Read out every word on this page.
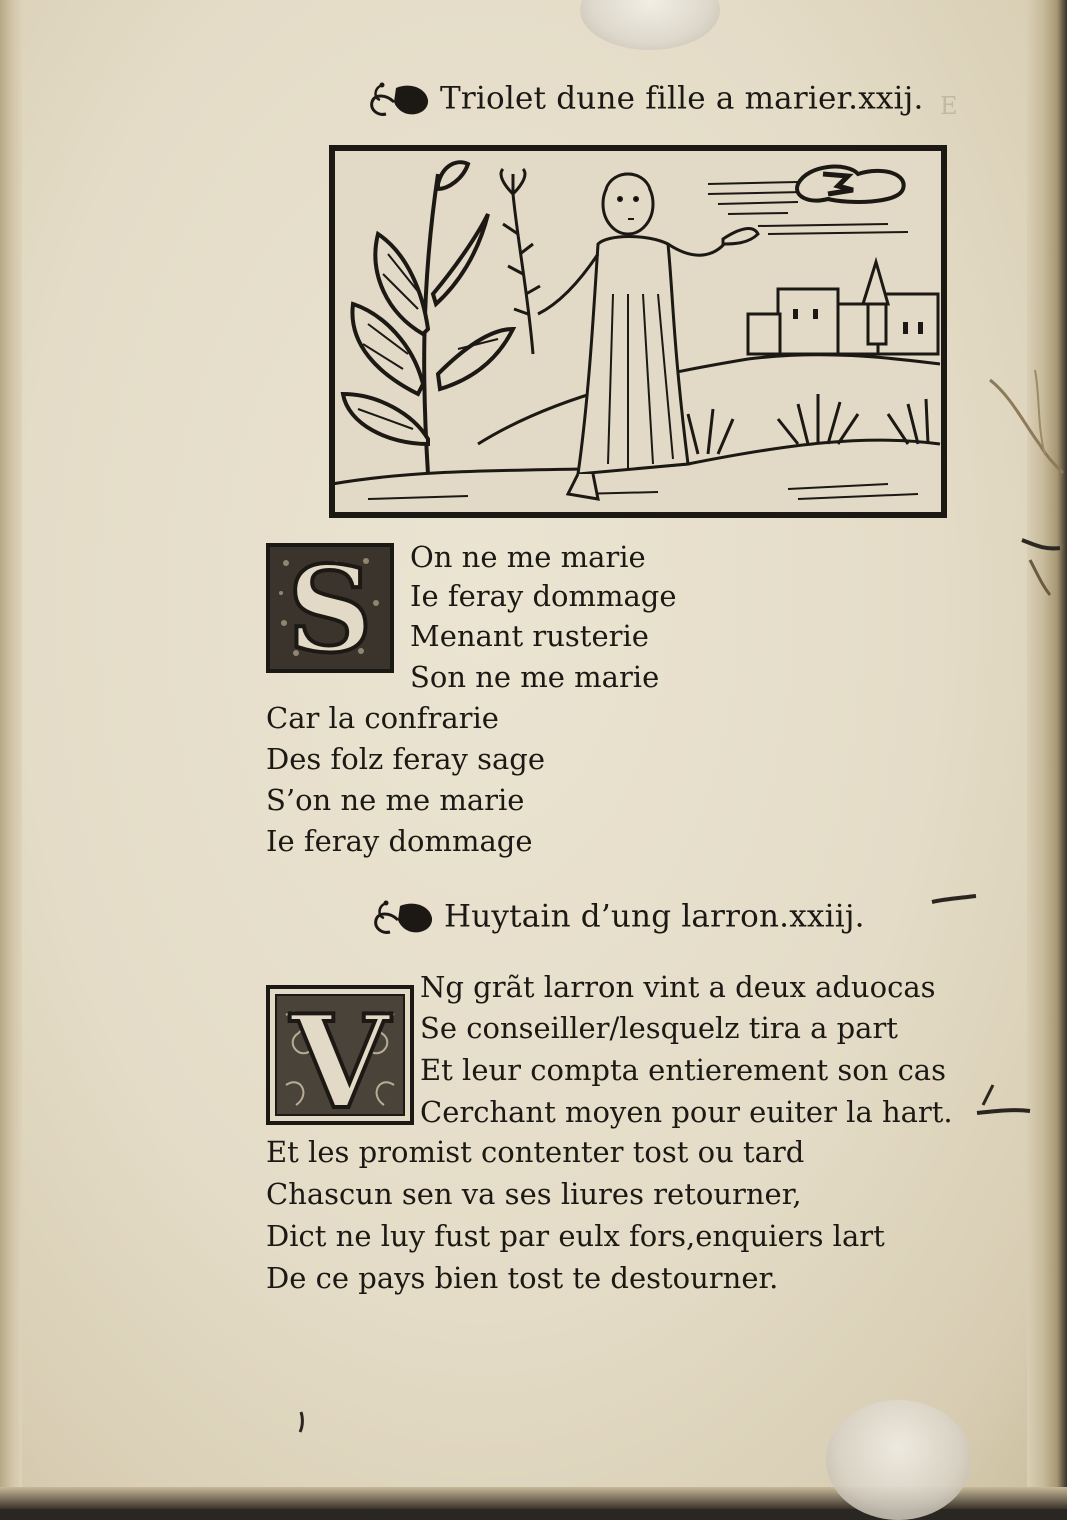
E
Triolet dune fille a marier.xxij.
S On ne me marie
Ie feray dommage
Menant rusterie
Son ne me marie
Car la confrarie
Des folz feray sage
S’on ne me marie
Ie feray dommage
Huytain d’ung larron.xxiij.
V
Ng grãt larron vint a deux aduocas
Se conseiller/lesquelz tira a part
Et leur compta entierement son cas
Cerchant moyen pour euiter la hart.
Et les promist contenter tost ou tard
Chascun sen va ses liures retourner,
Dict ne luy fust par eulx fors,enquiers lart
De ce pays bien tost te destourner.
